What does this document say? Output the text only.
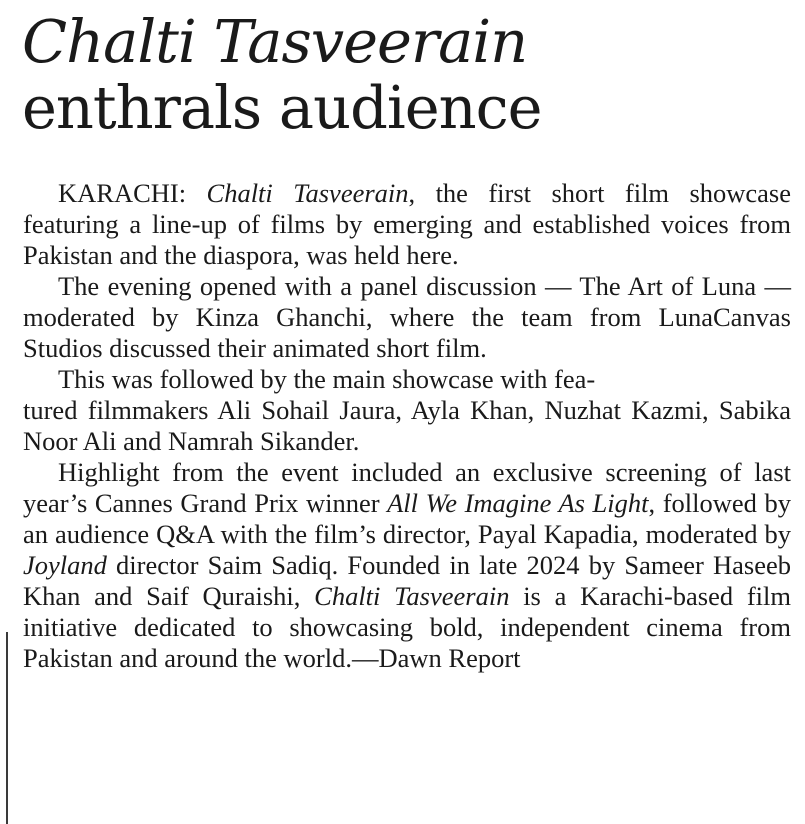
Chalti Tasveerain
enthrals audience

KARACHI: Chalti Tasveerain, the first short film showcase featuring a line-up of films by emerging and established voices from Pakistan and the diaspora, was held here.

The evening opened with a panel discussion — The Art of Luna — moderated by Kinza Ghanchi, where the team from LunaCanvas Studios discussed their animated short film.

This was followed by the main showcase with fea-
tured filmmakers Ali Sohail Jaura, Ayla Khan, Nuzhat Kazmi, Sabika Noor Ali and Namrah Sikander.

Highlight from the event included an exclusive screening of last year’s Cannes Grand Prix winner All We Imagine As Light, followed by an audience Q&A with the film’s director, Payal Kapadia, moderated by Joyland director Saim Sadiq. Founded in late 2024 by Sameer Haseeb Khan and Saif Quraishi, Chalti Tasveerain is a Karachi-based film initiative dedicated to showcasing bold, independent cinema from Pakistan and around the world.—Dawn Report
